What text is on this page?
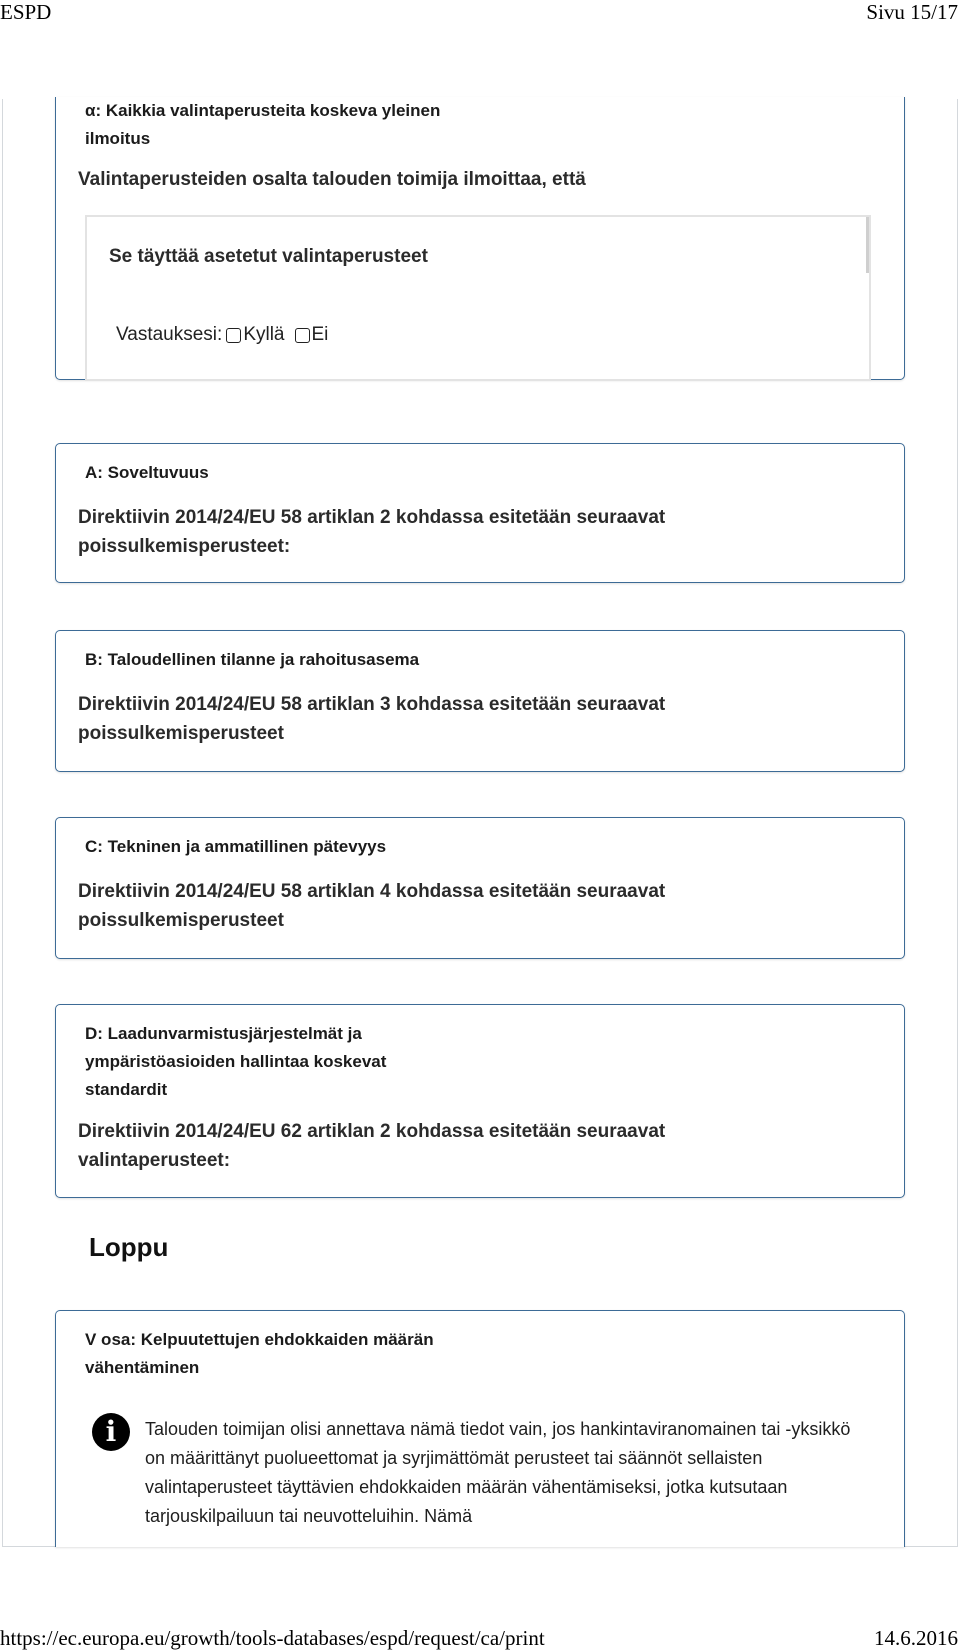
ESPD	Sivu 15/17
α: Kaikkia valintaperusteita koskeva yleinen ilmoitus
Valintaperusteiden osalta talouden toimija ilmoittaa, että
Se täyttää asetetut valintaperusteet
Vastauksesi: Kyllä Ei
A: Soveltuvuus
Direktiivin 2014/24/EU 58 artiklan 2 kohdassa esitetään seuraavat poissulkemisperusteet:
B: Taloudellinen tilanne ja rahoitusasema
Direktiivin 2014/24/EU 58 artiklan 3 kohdassa esitetään seuraavat poissulkemisperusteet
C: Tekninen ja ammatillinen pätevyys
Direktiivin 2014/24/EU 58 artiklan 4 kohdassa esitetään seuraavat poissulkemisperusteet
D: Laadunvarmistusjärjestelmät ja ympäristöasioiden hallintaa koskevat standardit
Direktiivin 2014/24/EU 62 artiklan 2 kohdassa esitetään seuraavat valintaperusteet:
Loppu
V osa: Kelpuutettujen ehdokkaiden määrän vähentäminen
i	Talouden toimijan olisi annettava nämä tiedot vain, jos hankintaviranomainen tai -yksikkö on määrittänyt puolueettomat ja syrjimättömät perusteet tai säännöt sellaisten valintaperusteet täyttävien ehdokkaiden määrän vähentämiseksi, jotka kutsutaan tarjouskilpailuun tai neuvotteluihin. Nämä
https://ec.europa.eu/growth/tools-databases/espd/request/ca/print	14.6.2016
